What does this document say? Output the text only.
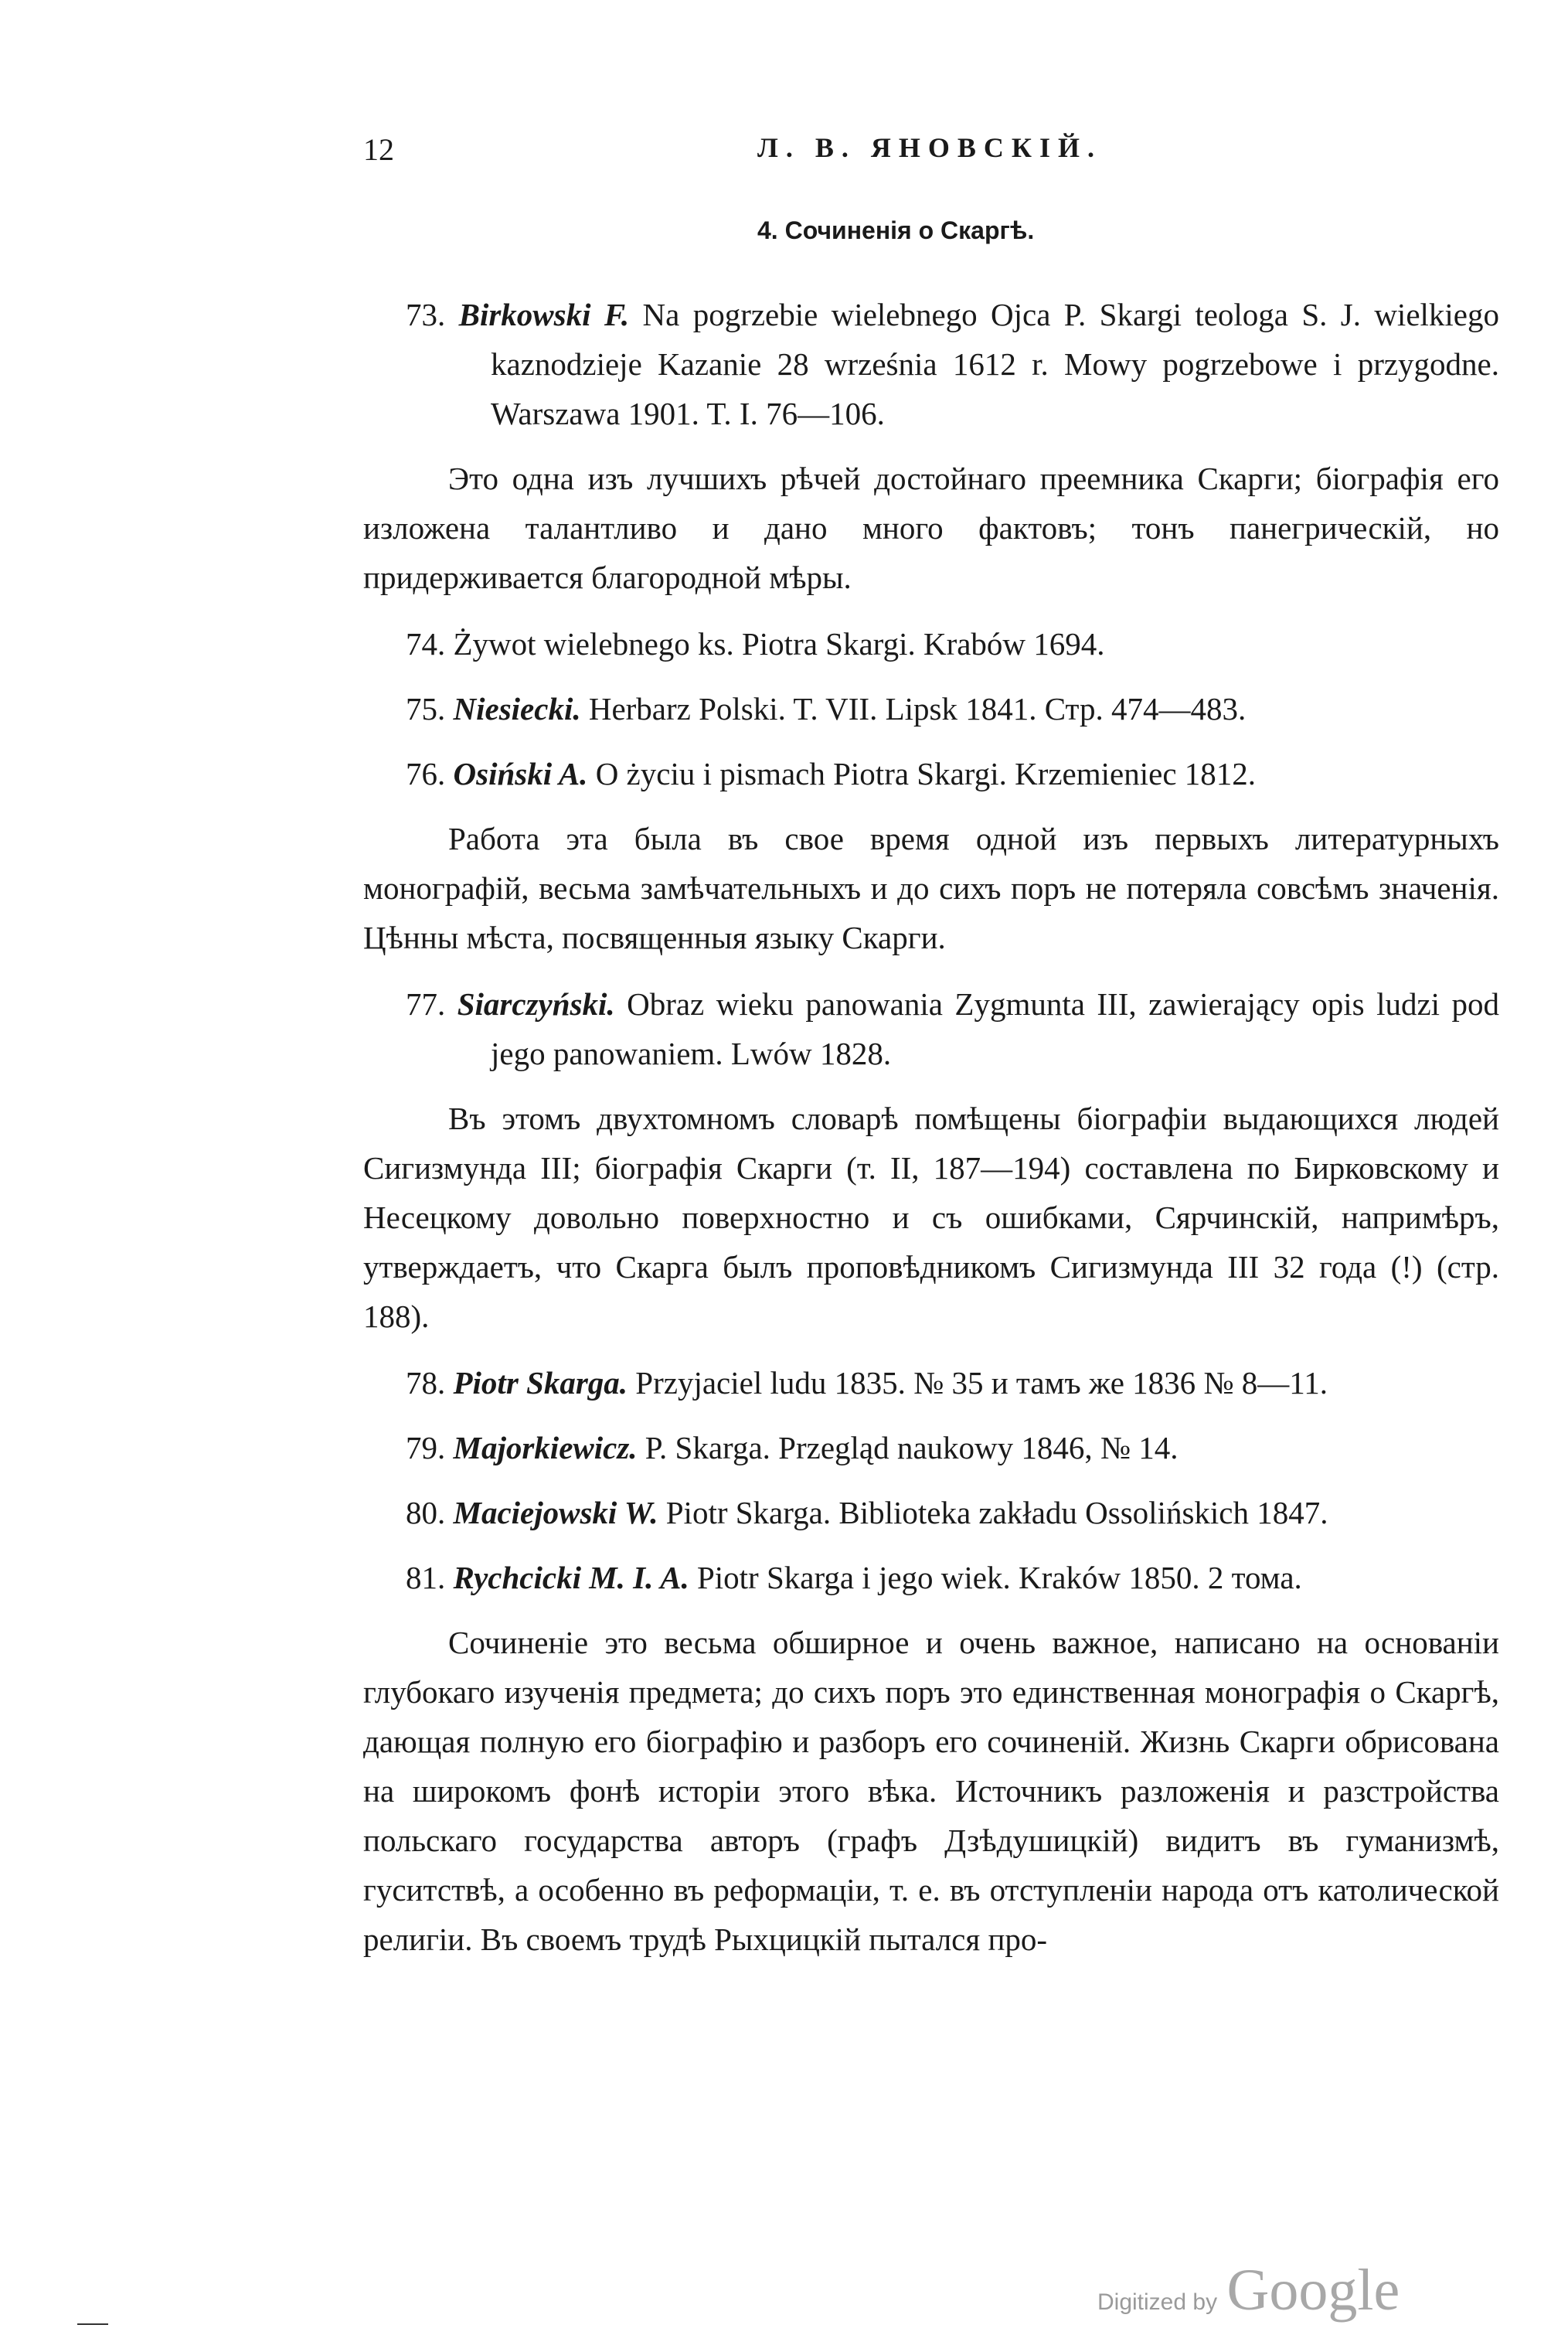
12	Л. В. ЯНОВСКІЙ.
4. Сочиненія о Скаргѣ.

73. Birkowski F. Na pogrzebie wielebnego Ojca P. Skargi teologa S. J. wielkiego kaznodzieje Kazanie 28 września 1612 r. Mowy pogrzebowe i przygodne. Warszawa 1901. T. I. 76—106.

Это одна изъ лучшихъ рѣчей достойнаго преемника Скарги; біографія его изложена талантливо и дано много фактовъ; тонъ панегрическій, но придерживается благородной мѣры.

74. Żywot wielebnego ks. Piotra Skargi. Krabów 1694.

75. Niesiecki. Herbarz Polski. T. VII. Lipsk 1841. Стр. 474—483.

76. Osiński A. O życiu i pismach Piotra Skargi. Krzemieniec 1812.

Работа эта была въ свое время одной изъ первыхъ литературныхъ монографій, весьма замѣчательныхъ и до сихъ поръ не потеряла совсѣмъ значенія. Цѣнны мѣста, посвященныя языку Скарги.

77. Siarczyński. Obraz wieku panowania Zygmunta III, zawierający opis ludzi pod jego panowaniem. Lwów 1828.

Въ этомъ двухтомномъ словарѣ помѣщены біографіи выдающихся людей Сигизмунда III; біографія Скарги (т. II, 187—194) составлена по Бирковскому и Несецкому довольно поверхностно и съ ошибками, Сярчинскій, напримѣръ, утверждаетъ, что Скарга былъ проповѣдникомъ Сигизмунда III 32 года (!) (стр. 188).

78. Piotr Skarga. Przyjaciel ludu 1835. № 35 и тамъ же 1836 № 8—11.

79. Majorkiewicz. P. Skarga. Przegląd naukowy 1846, № 14.

80. Maciejowski W. Piotr Skarga. Biblioteka zakładu Ossolińskich 1847.

81. Rychcicki M. I. A. Piotr Skarga i jego wiek. Kraków 1850. 2 тома.

Сочиненіе это весьма обширное и очень важное, написано на основаніи глубокаго изученія предмета; до сихъ поръ это единственная монографія о Скаргѣ, дающая полную его біографію и разборъ его сочиненій. Жизнь Скарги обрисована на широкомъ фонѣ исторіи этого вѣка. Источникъ разложенія и разстройства польскаго государства авторъ (графъ Дзѣдушицкій) видитъ въ гуманизмѣ, гуситствѣ, а особенно въ реформаціи, т. е. въ отступленіи народа отъ католической религіи. Въ своемъ трудѣ Рыхцицкій пытался про-

Digitized by Google
